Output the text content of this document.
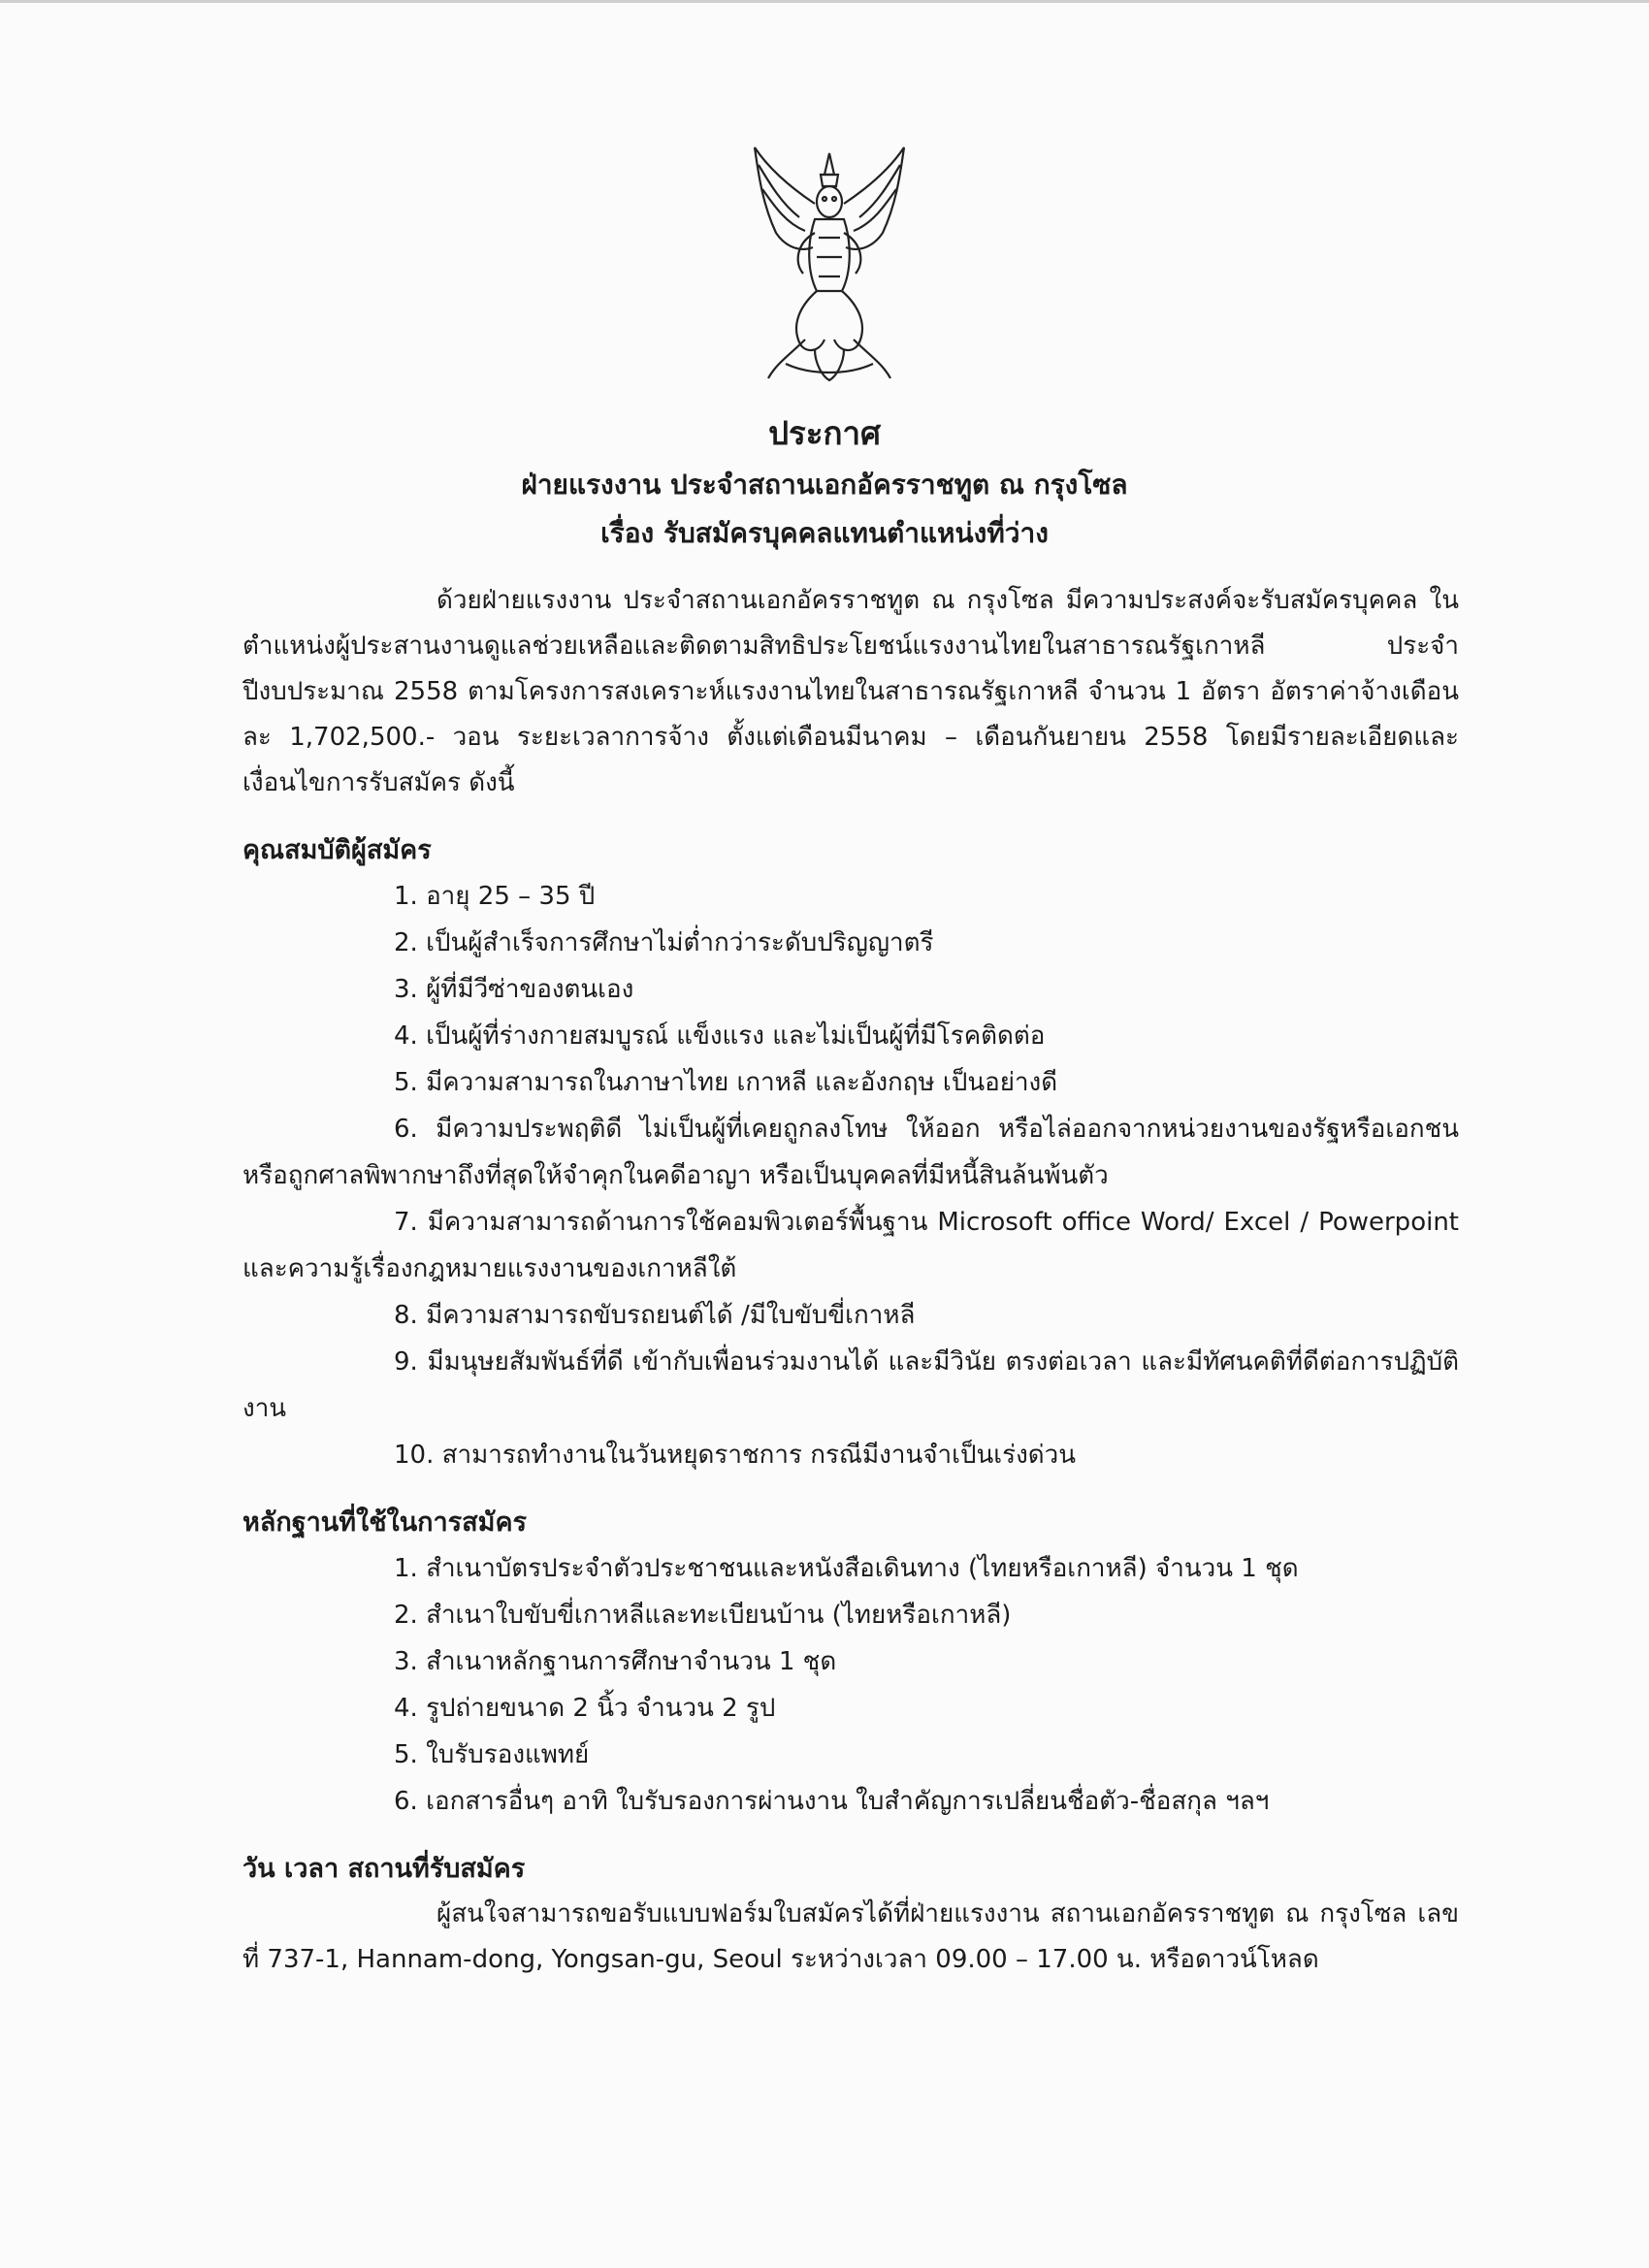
ประกาศ

ฝ่ายแรงงาน ประจำสถานเอกอัครราชทูต ณ กรุงโซล

เรื่อง รับสมัครบุคคลแทนตำแหน่งที่ว่าง

ด้วยฝ่ายแรงงาน ประจำสถานเอกอัครราชทูต ณ กรุงโซล มีความประสงค์จะรับสมัครบุคคล ในตำแหน่งผู้ประสานงานดูแลช่วยเหลือและติดตามสิทธิประโยชน์แรงงานไทยในสาธารณรัฐเกาหลี ประจำปีงบประมาณ 2558 ตามโครงการสงเคราะห์แรงงานไทยในสาธารณรัฐเกาหลี จำนวน 1 อัตรา อัตราค่าจ้างเดือนละ 1,702,500.- วอน ระยะเวลาการจ้าง ตั้งแต่เดือนมีนาคม – เดือนกันยายน 2558 โดยมีรายละเอียดและเงื่อนไขการรับสมัคร ดังนี้

คุณสมบัติผู้สมัคร

1. อายุ 25 – 35 ปี

2. เป็นผู้สำเร็จการศึกษาไม่ต่ำกว่าระดับปริญญาตรี

3. ผู้ที่มีวีซ่าของตนเอง

4. เป็นผู้ที่ร่างกายสมบูรณ์ แข็งแรง และไม่เป็นผู้ที่มีโรคติดต่อ

5. มีความสามารถในภาษาไทย เกาหลี และอังกฤษ เป็นอย่างดี

6. มีความประพฤติดี ไม่เป็นผู้ที่เคยถูกลงโทษ ให้ออก หรือไล่ออกจากหน่วยงานของรัฐหรือเอกชน หรือถูกศาลพิพากษาถึงที่สุดให้จำคุกในคดีอาญา หรือเป็นบุคคลที่มีหนี้สินล้นพ้นตัว

7. มีความสามารถด้านการใช้คอมพิวเตอร์พื้นฐาน Microsoft office Word/ Excel / Powerpoint และความรู้เรื่องกฎหมายแรงงานของเกาหลีใต้

8. มีความสามารถขับรถยนต์ได้ /มีใบขับขี่เกาหลี

9. มีมนุษยสัมพันธ์ที่ดี เข้ากับเพื่อนร่วมงานได้ และมีวินัย ตรงต่อเวลา และมีทัศนคติที่ดีต่อการปฏิบัติงาน

10. สามารถทำงานในวันหยุดราชการ กรณีมีงานจำเป็นเร่งด่วน

หลักฐานที่ใช้ในการสมัคร

1. สำเนาบัตรประจำตัวประชาชนและหนังสือเดินทาง (ไทยหรือเกาหลี) จำนวน 1 ชุด

2. สำเนาใบขับขี่เกาหลีและทะเบียนบ้าน (ไทยหรือเกาหลี)

3. สำเนาหลักฐานการศึกษาจำนวน 1 ชุด

4. รูปถ่ายขนาด 2 นิ้ว จำนวน 2 รูป

5. ใบรับรองแพทย์

6. เอกสารอื่นๆ อาทิ ใบรับรองการผ่านงาน ใบสำคัญการเปลี่ยนชื่อตัว-ชื่อสกุล ฯลฯ

วัน เวลา สถานที่รับสมัคร

ผู้สนใจสามารถขอรับแบบฟอร์มใบสมัครได้ที่ฝ่ายแรงงาน สถานเอกอัครราชทูต ณ กรุงโซล เลขที่ 737-1, Hannam-dong, Yongsan-gu, Seoul ระหว่างเวลา 09.00 – 17.00 น. หรือดาวน์โหลด
